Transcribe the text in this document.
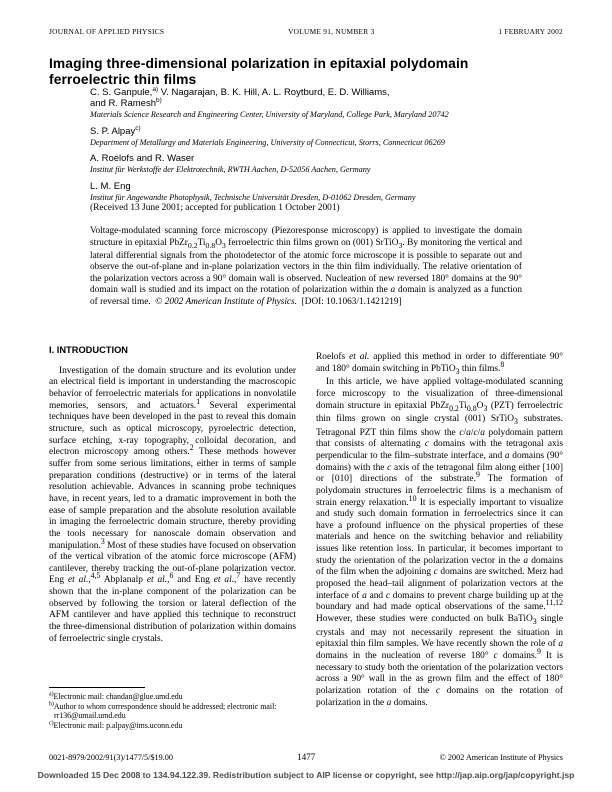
JOURNAL OF APPLIED PHYSICS	VOLUME 91, NUMBER 3	1 FEBRUARY 2002
Imaging three-dimensional polarization in epitaxial polydomain ferroelectric thin films
C. S. Ganpule,$^{a)}$ V. Nagarajan, B. K. Hill, A. L. Roytburd, E. D. Williams,
and R. Ramesh$^{b)}$
Materials Science Research and Engineering Center, University of Maryland, College Park, Maryland 20742
S. P. Alpay$^{c)}$
Department of Metallurgy and Materials Engineering, University of Connecticut, Storrs, Connecticut 06269
A. Roelofs and R. Waser
Institut für Werkstoffe der Elektrotechnik, RWTH Aachen, D-52056 Aachen, Germany
L. M. Eng
Institut für Angewandte Photophysik, Technische Universität Dresden, D-01062 Dresden, Germany
(Received 13 June 2001; accepted for publication 1 October 2001)
Voltage-modulated scanning force microscopy (Piezoresponse microscopy) is applied to investigate the domain structure in epitaxial $PbZr_{0.2}Ti_{0.8}O_3$ ferroelectric thin films grown on (001) SrTiO$_3$. By monitoring the vertical and lateral differential signals from the photodetector of the atomic force microscope it is possible to separate out and observe the out-of-plane and in-plane polarization vectors in the thin film individually. The relative orientation of the polarization vectors across a 90° domain wall is observed. Nucleation of new reversed 180° domains at the 90° domain wall is studied and its impact on the rotation of polarization within the a domain is analyzed as a function of reversal time.  © 2002 American Institute of Physics.  [DOI: 10.1063/1.1421219]
I. INTRODUCTION

Investigation of the domain structure and its evolution under an electrical field is important in understanding the macroscopic behavior of ferroelectric materials for applications in nonvolatile memories, sensors, and actuators.$^1$ Several experimental techniques have been developed in the past to reveal this domain structure, such as optical microscopy, pyroelectric detection, surface etching, x-ray topography, colloidal decoration, and electron microscopy among others.$^2$ These methods however suffer from some serious limitations, either in terms of sample preparation conditions (destructive) or in terms of the lateral resolution achievable. Advances in scanning probe techniques have, in recent years, led to a dramatic improvement in both the ease of sample preparation and the absolute resolution available in imaging the ferroelectric domain structure, thereby providing the tools necessary for nanoscale domain observation and manipulation.$^3$ Most of these studies have focused on observation of the vertical vibration of the atomic force microscope (AFM) cantilever, thereby tracking the out-of-plane polarization vector. Eng et al.,$^{4,5}$ Abplanalp et al.,$^6$ and Eng et al.,$^7$ have recently shown that the in-plane component of the polarization can be observed by following the torsion or lateral deflection of the AFM cantilever and have applied this technique to reconstruct the three-dimensional distribution of polarization within domains of ferroelectric single crystals.

Roelofs et al. applied this method in order to differentiate 90° and 180° domain switching in PbTiO$_3$ thin films.$^8$

In this article, we have applied voltage-modulated scanning force microscopy to the visualization of three-dimensional domain structure in epitaxial $PbZr_{0.2}Ti_{0.8}O_3$ (PZT) ferroelectric thin films grown on single crystal (001) SrTiO$_3$ substrates. Tetragonal PZT thin films show the c/a/c/a polydomain pattern that consists of alternating c domains with the tetragonal axis perpendicular to the film–substrate interface, and a domains (90° domains) with the c axis of the tetragonal film along either [100] or [010] directions of the substrate.$^9$ The formation of polydomain structures in ferroelectric films is a mechanism of strain energy relaxation.$^{10}$ It is especially important to visualize and study such domain formation in ferroelectrics since it can have a profound influence on the physical properties of these materials and hence on the switching behavior and reliability issues like retention loss. In particular, it becomes important to study the orientation of the polarization vector in the a domains of the film when the adjoining c domains are switched. Merz had proposed the head–tail alignment of polarization vectors at the interface of a and c domains to prevent charge building up at the boundary and had made optical observations of the same.$^{11,12}$ However, these studies were conducted on bulk BaTiO$_3$ single crystals and may not necessarily represent the situation in epitaxial thin film samples. We have recently shown the role of a domains in the nucleation of reverse 180° c domains.$^9$ It is necessary to study both the orientation of the polarization vectors across a 90° wall in the as grown film and the effect of 180° polarization rotation of the c domains on the rotation of polarization in the a domains.

$^{a)}$Electronic mail: chandan@glue.umd.edu
$^{b)}$Author to whom correspondence should be addressed; electronic mail: rr136@umail.umd.edu
$^{c)}$Electronic mail: p.alpay@ims.uconn.edu
0021-8979/2002/91(3)/1477/5/$19.00	1477	© 2002 American Institute of Physics
Downloaded 15 Dec 2008 to 134.94.122.39. Redistribution subject to AIP license or copyright, see http://jap.aip.org/jap/copyright.jsp
